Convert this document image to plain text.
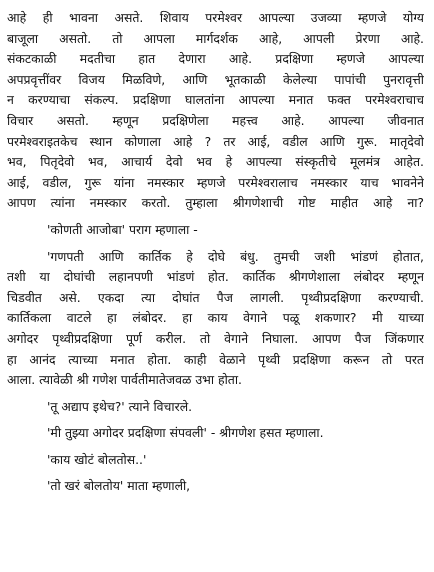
आहे ही भावना असते. शिवाय परमेश्वर आपल्या उजव्या म्हणजे योग्य
बाजूला असतो. तो आपला मार्गदर्शक आहे, आपली प्रेरणा आहे.
संकटकाळी मदतीचा हात देणारा आहे. प्रदक्षिणा म्हणजे आपल्या
अपप्रवृत्तींवर विजय मिळविणे, आणि भूतकाळी केलेल्या पापांची पुनरावृत्ती
न करण्याचा संकल्प. प्रदक्षिणा घालतांना आपल्या मनात फक्त परमेश्वराचाच
विचार असतो. म्हणून प्रदक्षिणेला महत्त्व आहे. आपल्या जीवनात
परमेश्वराइतकेच स्थान कोणाला आहे ? तर आई, वडील आणि गुरू. मातृदेवो
भव, पितृदेवो भव, आचार्य देवो भव हे आपल्या संस्कृतीचे मूलमंत्र आहेत.
आई, वडील, गुरू यांना नमस्कार म्हणजे परमेश्वरालाच नमस्कार याच भावनेने
आपण त्यांना नमस्कार करतो. तुम्हाला श्रीगणेशाची गोष्ट माहीत आहे ना?
'कोणती आजोबा' पराग म्हणाला -
'गणपती आणि कार्तिक हे दोघे बंधु. तुमची जशी भांडणं होतात,
तशी या दोघांची लहानपणी भांडणं होत. कार्तिक श्रीगणेशाला लंबोदर म्हणून
चिडवीत असे. एकदा त्या दोघांत पैज लागली. पृथ्वीप्रदक्षिणा करण्याची.
कार्तिकला वाटले हा लंबोदर. हा काय वेगाने पळू शकणार? मी याच्या
अगोदर पृथ्वीप्रदक्षिणा पूर्ण करील. तो वेगाने निघाला. आपण पैज जिंकणार
हा आनंद त्याच्या मनात होता. काही वेळाने पृथ्वी प्रदक्षिणा करून तो परत
आला. त्यावेळी श्री गणेश पार्वतीमातेजवळ उभा होता.
'तू अद्याप इथेच?' त्याने विचारले.
'मी तुझ्या अगोदर प्रदक्षिणा संपवली' - श्रीगणेश हसत म्हणाला.
'काय खोटं बोलतोस..'
'तो खरं बोलतोय' माता म्हणाली,
